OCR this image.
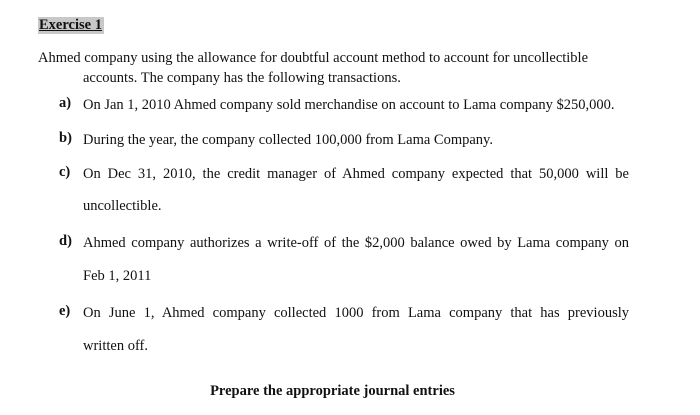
Exercise 1
Ahmed company using the allowance for doubtful account method to account for uncollectible
accounts. The company has the following transactions.
a) On Jan 1, 2010 Ahmed company sold merchandise on account to Lama company $250,000.
b) During the year, the company collected 100,000 from Lama Company.
c) On Dec 31, 2010, the credit manager of Ahmed company expected that 50,000 will be
uncollectible.
d) Ahmed company authorizes a write-off of the $2,000 balance owed by Lama company on
Feb 1, 2011
e) On June 1, Ahmed company collected 1000 from Lama company that has previously
written off.
Prepare the appropriate journal entries
